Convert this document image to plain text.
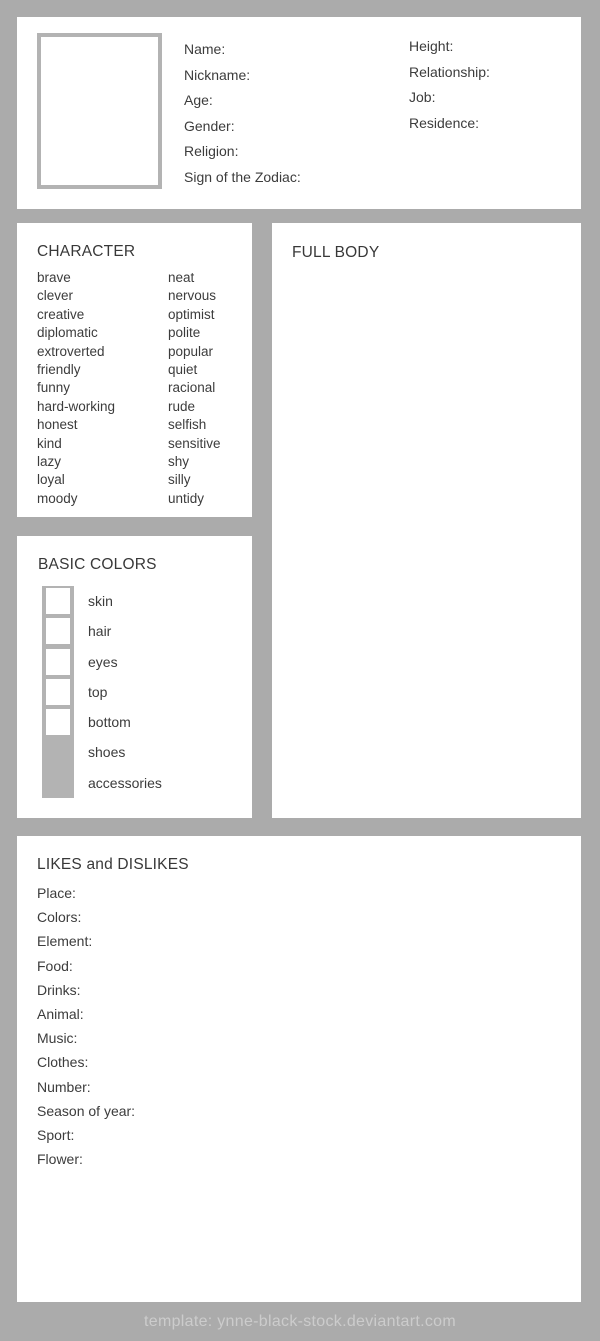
Name:
Nickname:
Age:
Gender:
Religion:
Sign of the Zodiac:
Height:
Relationship:
Job:
Residence:
CHARACTER
brave
clever
creative
diplomatic
extroverted
friendly
funny
hard-working
honest
kind
lazy
loyal
moody
neat
nervous
optimist
polite
popular
quiet
racional
rude
selfish
sensitive
shy
silly
untidy
FULL BODY
BASIC COLORS
skin
hair
eyes
top
bottom
shoes
accessories
LIKES and DISLIKES
Place:
Colors:
Element:
Food:
Drinks:
Animal:
Music:
Clothes:
Number:
Season of year:
Sport:
Flower:
template: ynne-black-stock.deviantart.com
